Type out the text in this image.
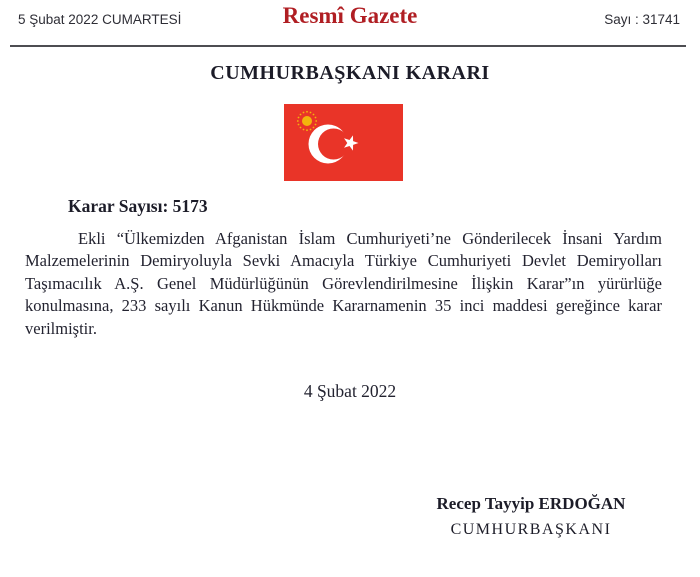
5 Şubat 2022 CUMARTESİ	Resmî Gazete	Sayı : 31741
CUMHURBAŞKANI KARARI
Karar Sayısı: 5173

Ekli “Ülkemizden Afganistan İslam Cumhuriyeti’ne Gönderilecek İnsani Yardım Malzemelerinin Demiryoluyla Sevki Amacıyla Türkiye Cumhuriyeti Devlet Demiryolları Taşımacılık A.Ş. Genel Müdürlüğünün Görevlendirilmesine İlişkin Karar”ın yürürlüğe konulmasına, 233 sayılı Kanun Hükmünde Kararnamenin 35 inci maddesi gereğince karar verilmiştir.

4 Şubat 2022
Recep Tayyip ERDOĞAN
CUMHURBAŞKANI
